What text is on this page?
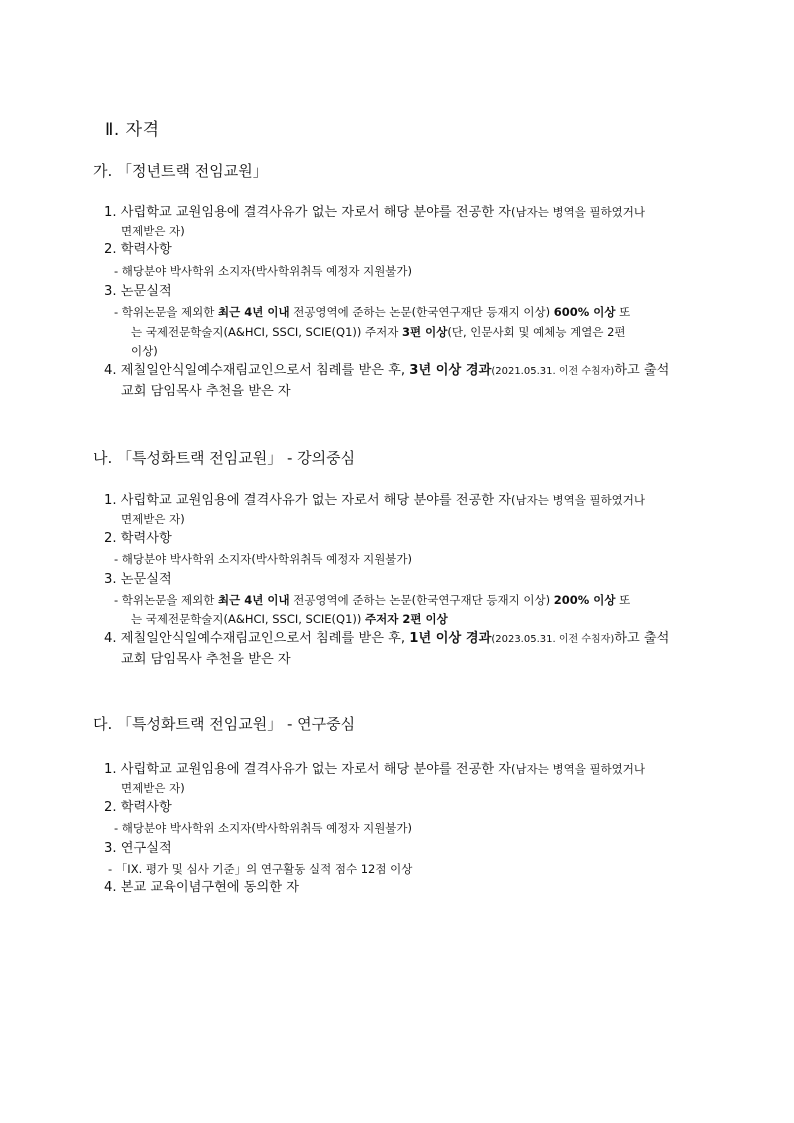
Ⅱ. 자격
가. 「정년트랙 전임교원」
1. 사립학교 교원임용에 결격사유가 없는 자로서 해당 분야를 전공한 자(남자는 병역을 필하였거나
면제받은 자)
2. 학력사항
- 해당분야 박사학위 소지자(박사학위취득 예정자 지원불가)
3. 논문실적
- 학위논문을 제외한 최근 4년 이내 전공영역에 준하는 논문(한국연구재단 등재지 이상) 600% 이상 또
는 국제전문학술지(A&HCI, SSCI, SCIE(Q1)) 주저자 3편 이상(단, 인문사회 및 예체능 계열은 2편
이상)
4. 제칠일안식일예수재림교인으로서 침례를 받은 후, 3년 이상 경과(2021.05.31. 이전 수침자)하고 출석
교회 담임목사 추천을 받은 자
나. 「특성화트랙 전임교원」 - 강의중심
1. 사립학교 교원임용에 결격사유가 없는 자로서 해당 분야를 전공한 자(남자는 병역을 필하였거나
면제받은 자)
2. 학력사항
- 해당분야 박사학위 소지자(박사학위취득 예정자 지원불가)
3. 논문실적
- 학위논문을 제외한 최근 4년 이내 전공영역에 준하는 논문(한국연구재단 등재지 이상) 200% 이상 또
는 국제전문학술지(A&HCI, SSCI, SCIE(Q1)) 주저자 2편 이상
4. 제칠일안식일예수재림교인으로서 침례를 받은 후, 1년 이상 경과(2023.05.31. 이전 수침자)하고 출석
교회 담임목사 추천을 받은 자
다. 「특성화트랙 전임교원」 - 연구중심
1. 사립학교 교원임용에 결격사유가 없는 자로서 해당 분야를 전공한 자(남자는 병역을 필하였거나
면제받은 자)
2. 학력사항
- 해당분야 박사학위 소지자(박사학위취득 예정자 지원불가)
3. 연구실적
- 「IX. 평가 및 심사 기준」의 연구활동 실적 점수 12점 이상
4. 본교 교육이념구현에 동의한 자
